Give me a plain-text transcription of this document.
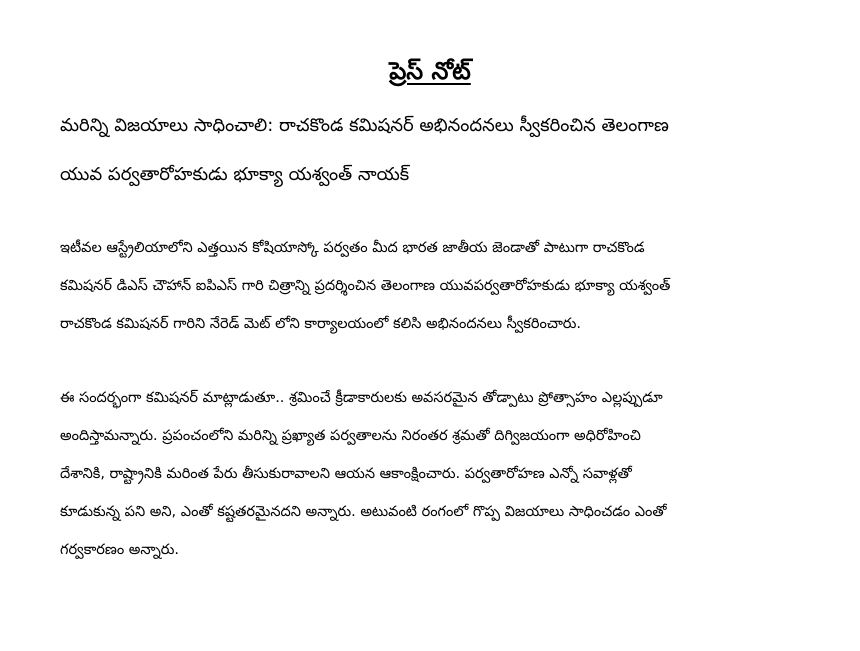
ప్రెస్ నోట్

మరిన్ని విజయాలు సాధించాలి: రాచకొండ కమిషనర్ అభినందనలు స్వీకరించిన తెలంగాణ

యువ పర్వతారోహకుడు భూక్యా యశ్వంత్ నాయక్

ఇటీవల ఆస్ట్రేలియాలోని ఎత్తయిన కోషియాస్కో పర్వతం మీద భారత జాతీయ జెండాతో పాటుగా రాచకొండ
కమిషనర్ డిఎస్ చౌహాన్ ఐపిఎస్ గారి చిత్రాన్ని ప్రదర్శించిన తెలంగాణ యువపర్వతారోహకుడు భూక్యా యశ్వంత్
రాచకొండ కమిషనర్ గారిని నేరెడ్ మెట్ లోని కార్యాలయంలో కలిసి అభినందనలు స్వీకరించారు.
ఈ సందర్భంగా కమిషనర్ మాట్లాడుతూ.. శ్రమించే క్రీడాకారులకు అవసరమైన తోడ్పాటు ప్రోత్సాహం ఎల్లప్పుడూ
అందిస్తామన్నారు. ప్రపంచంలోని మరిన్ని ప్రఖ్యాత పర్వతాలను నిరంతర శ్రమతో దిగ్విజయంగా అధిరోహించి
దేశానికి, రాష్ట్రానికి మరింత పేరు తీసుకురావాలని ఆయన ఆకాంక్షించారు. పర్వతారోహణ ఎన్నో సవాళ్లతో
కూడుకున్న పని అని, ఎంతో కష్టతరమైనదని అన్నారు. అటువంటి రంగంలో గొప్ప విజయాలు సాధించడం ఎంతో
గర్వకారణం అన్నారు.
